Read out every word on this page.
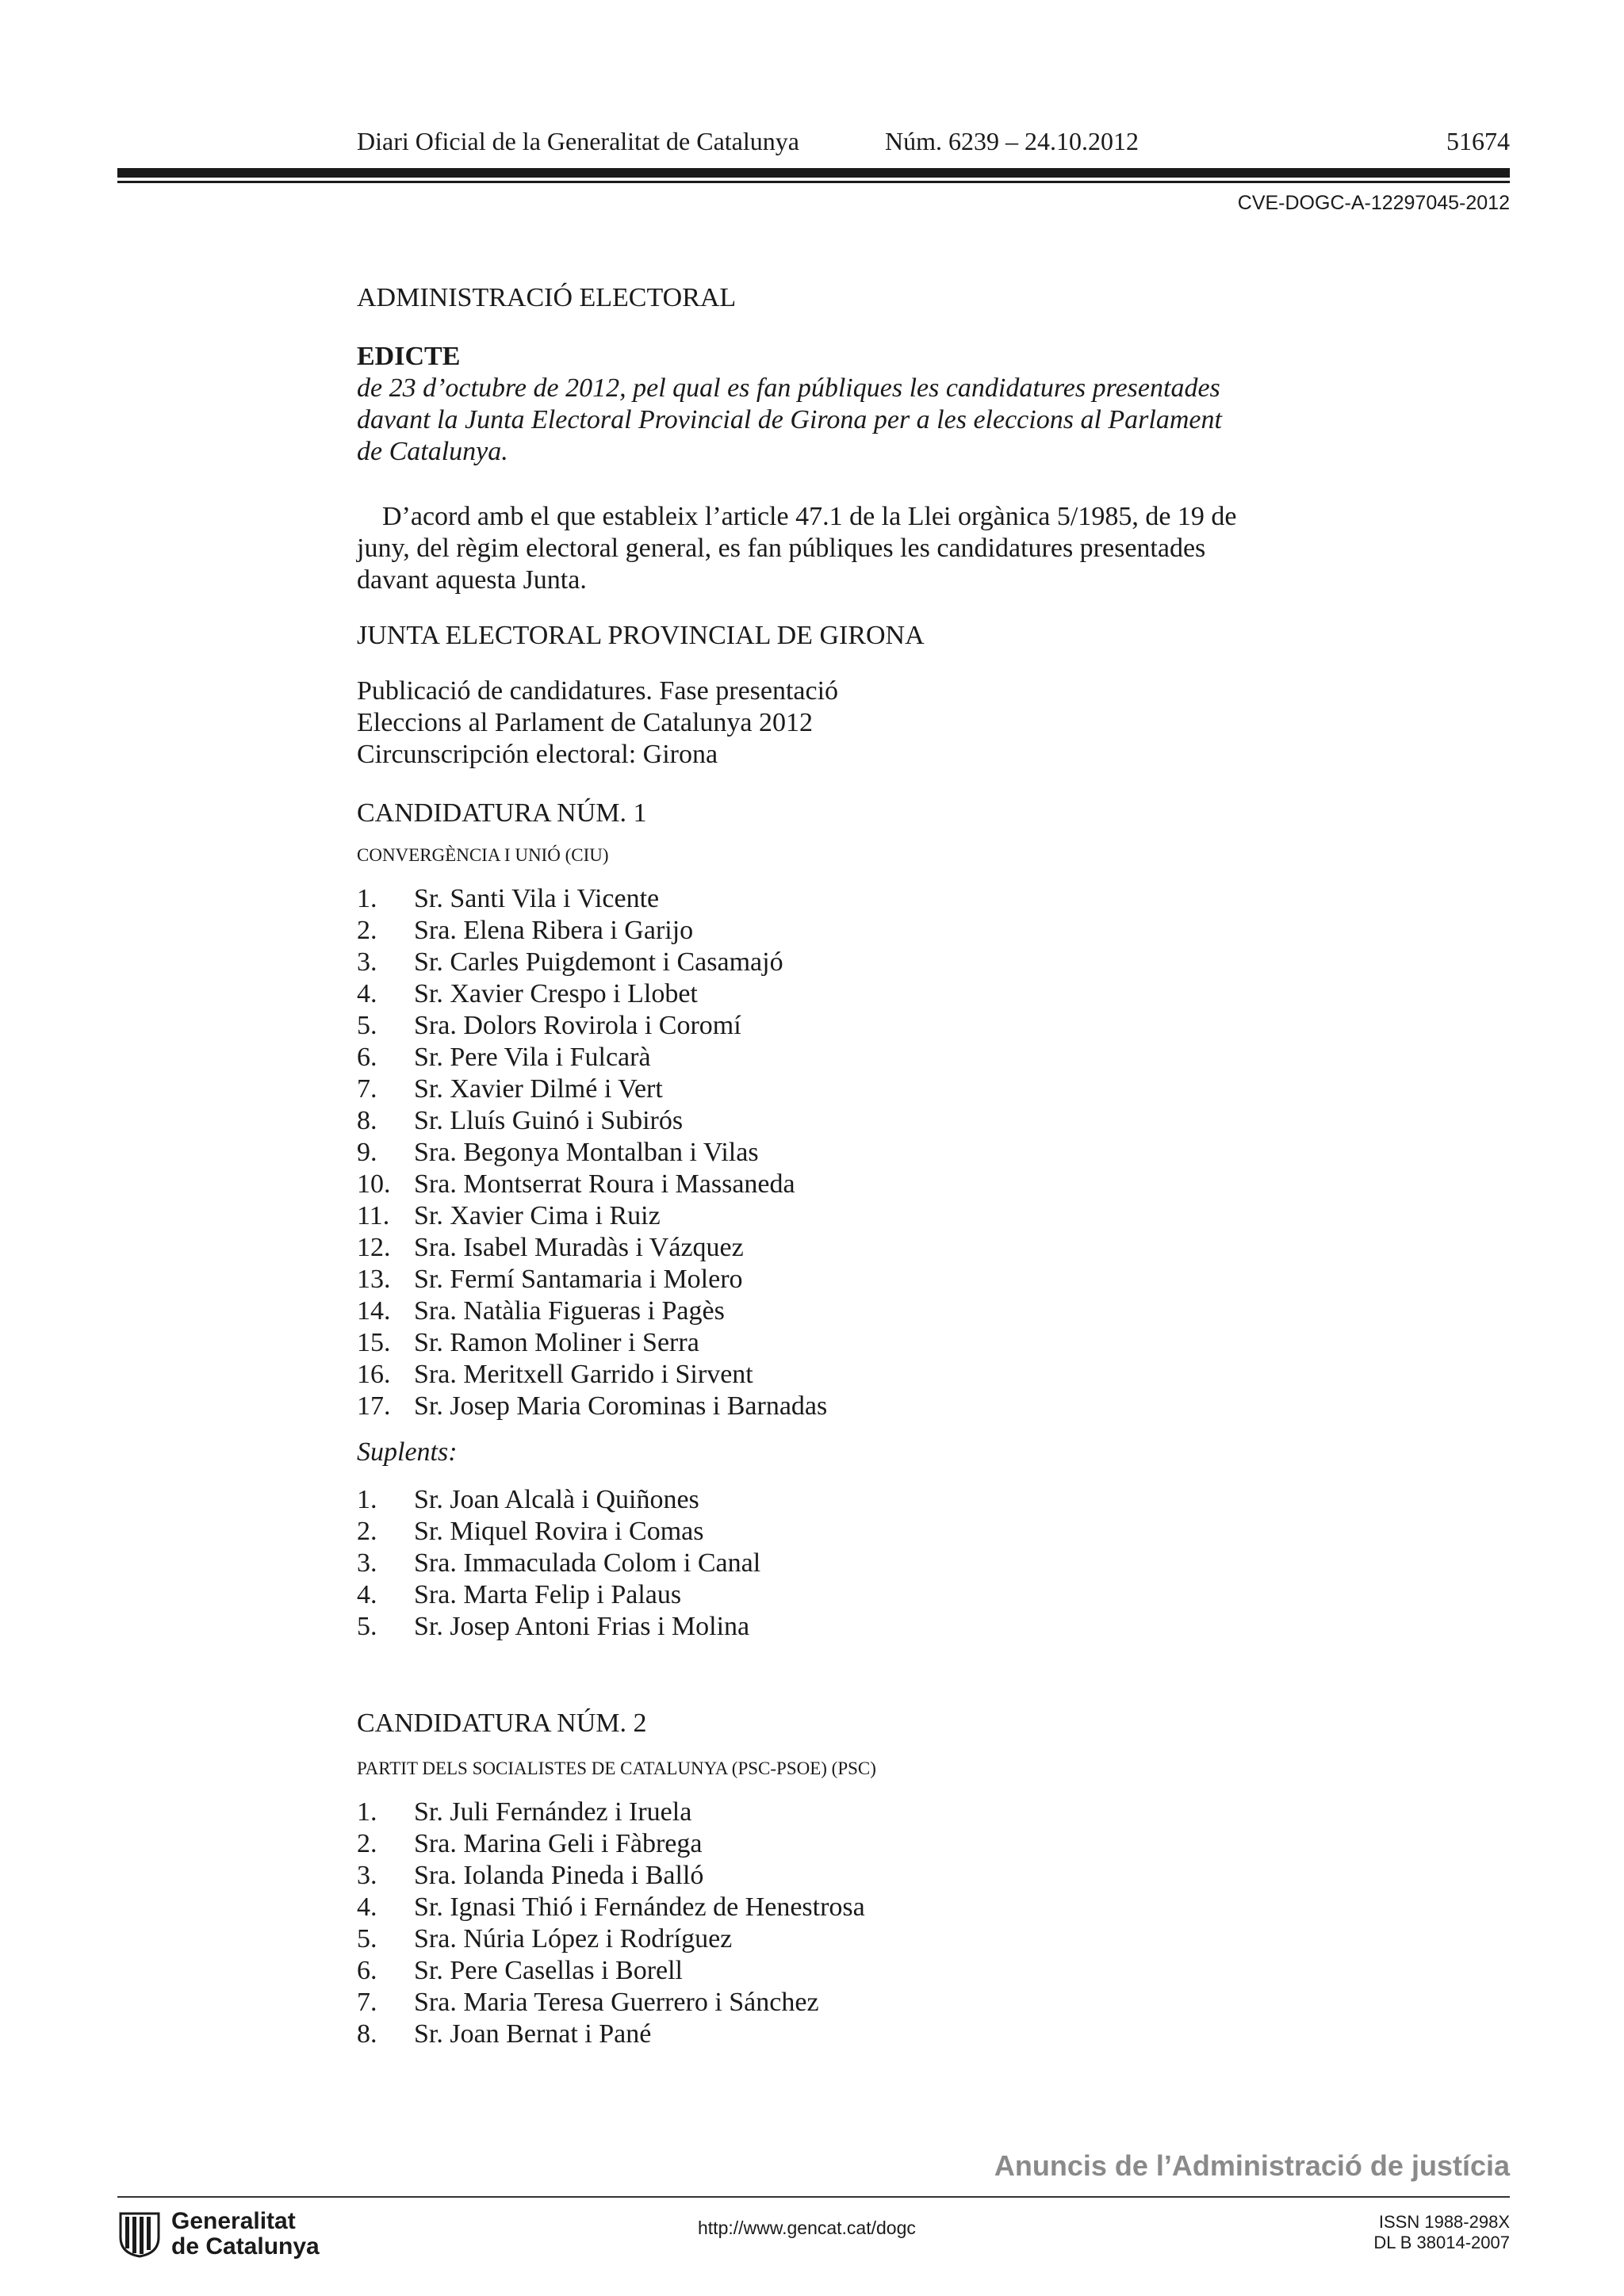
Diari Oficial de la Generalitat de Catalunya	Núm. 6239 – 24.10.2012	51674
CVE-DOGC-A-12297045-2012

ADMINISTRACIÓ ELECTORAL

EDICTE

de 23 d’octubre de 2012, pel qual es fan públiques les candidatures presentades

davant la Junta Electoral Provincial de Girona per a les eleccions al Parlament

de Catalunya.

D’acord amb el que estableix l’article 47.1 de la Llei orgànica 5/1985, de 19 de

juny, del règim electoral general, es fan públiques les candidatures presentades

davant aquesta Junta.

JUNTA ELECTORAL PROVINCIAL DE GIRONA

Publicació de candidatures. Fase presentació

Eleccions al Parlament de Catalunya 2012

Circunscripción electoral: Girona

CANDIDATURA NÚM. 1

CONVERGÈNCIA I UNIÓ (CIU)

1.	Sr. Santi Vila i Vicente
2.	Sra. Elena Ribera i Garijo
3.	Sr. Carles Puigdemont i Casamajó
4.	Sr. Xavier Crespo i Llobet
5.	Sra. Dolors Rovirola i Coromí
6.	Sr. Pere Vila i Fulcarà
7.	Sr. Xavier Dilmé i Vert
8.	Sr. Lluís Guinó i Subirós
9.	Sra. Begonya Montalban i Vilas
10. Sra. Montserrat Roura i Massaneda
11. Sr. Xavier Cima i Ruiz
12. Sra. Isabel Muradàs i Vázquez
13. Sr. Fermí Santamaria i Molero
14. Sra. Natàlia Figueras i Pagès
15. Sr. Ramon Moliner i Serra
16. Sra. Meritxell Garrido i Sirvent
17. Sr. Josep Maria Corominas i Barnadas

Suplents:

1.	Sr. Joan Alcalà i Quiñones
2.	Sr. Miquel Rovira i Comas
3.	Sra. Immaculada Colom i Canal
4.	Sra. Marta Felip i Palaus
5.	Sr. Josep Antoni Frias i Molina

CANDIDATURA NÚM. 2

PARTIT DELS SOCIALISTES DE CATALUNYA (PSC-PSOE) (PSC)

1.	Sr. Juli Fernández i Iruela
2.	Sra. Marina Geli i Fàbrega
3.	Sra. Iolanda Pineda i Balló
4.	Sr. Ignasi Thió i Fernández de Henestrosa
5.	Sra. Núria López i Rodríguez
6.	Sr. Pere Casellas i Borell
7.	Sra. Maria Teresa Guerrero i Sánchez
8.	Sr. Joan Bernat i Pané
Anuncis de l’Administració de justícia
Generalitat
de Catalunya
http://www.gencat.cat/dogc	ISSN 1988-298X
DL B 38014-2007
